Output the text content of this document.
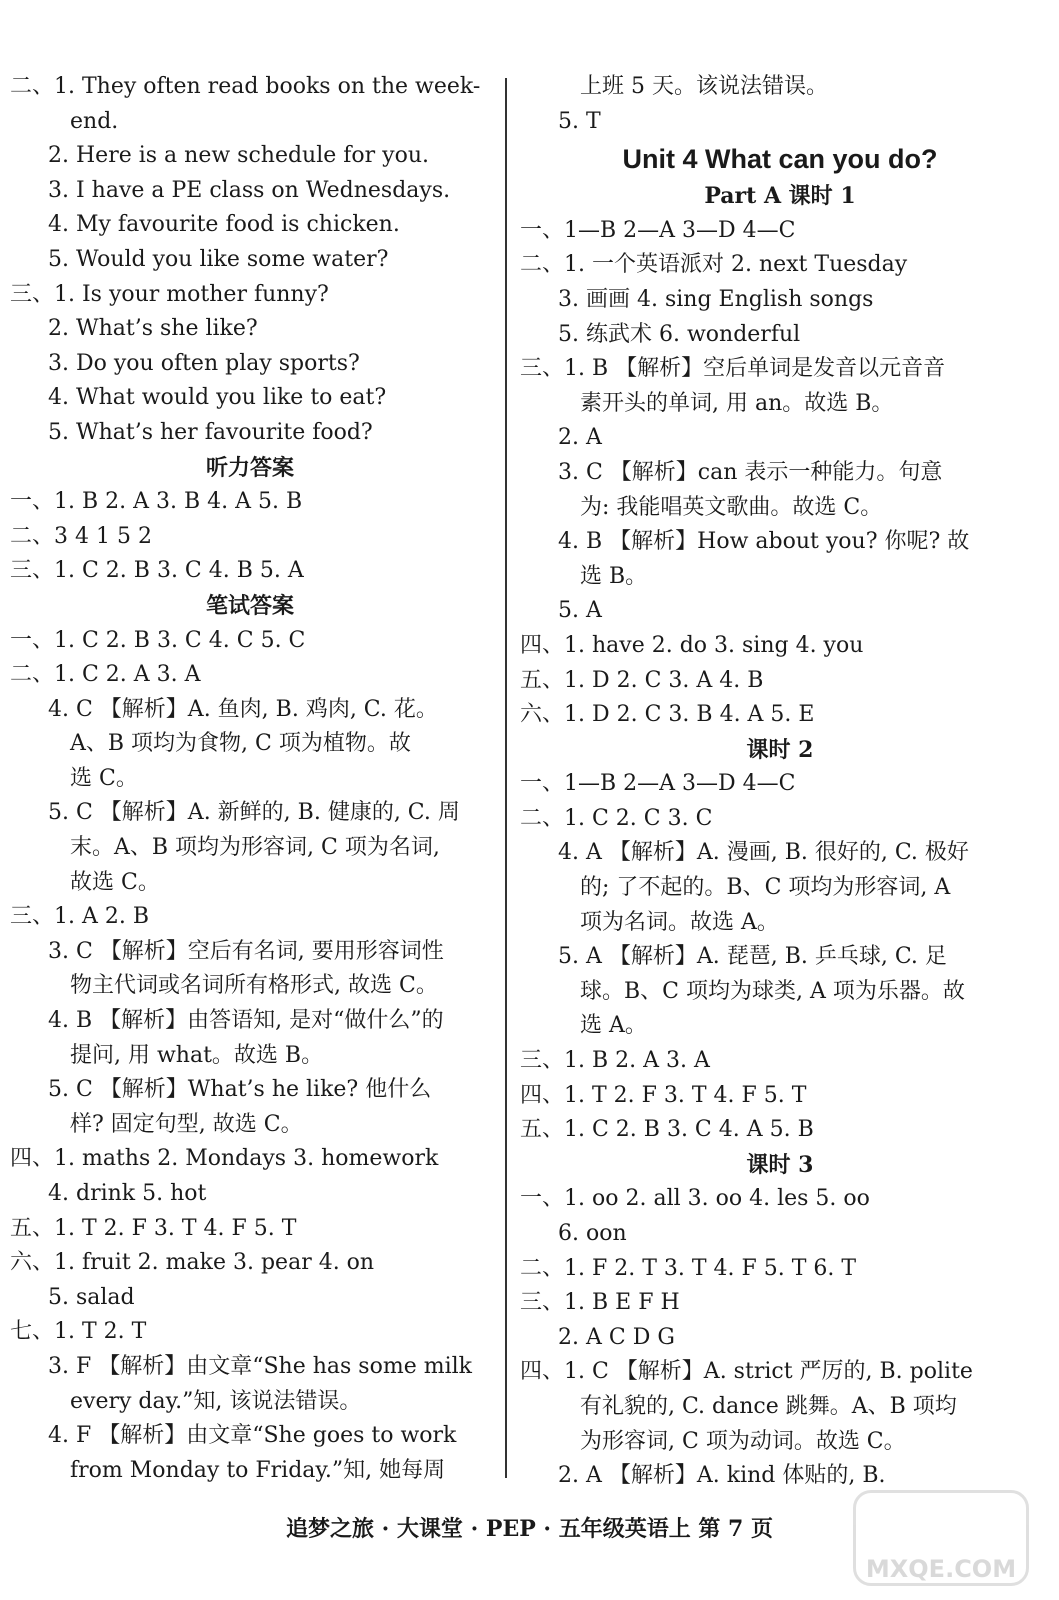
二、1. They often read books on the week-
end.
2. Here is a new schedule for you.
3. I have a PE class on Wednesdays.
4. My favourite food is chicken.
5. Would you like some water?
三、1. Is your mother funny?
2. What’s she like?
3. Do you often play sports?
4. What would you like to eat?
5. What’s her favourite food?
听力答案
一、1. B 2. A 3. B 4. A 5. B
二、3 4 1 5 2
三、1. C 2. B 3. C 4. B 5. A
笔试答案
一、1. C 2. B 3. C 4. C 5. C
二、1. C 2. A 3. A
4. C 【解析】A. 鱼肉, B. 鸡肉, C. 花。
A、B 项均为食物, C 项为植物。故
选 C。
5. C 【解析】A. 新鲜的, B. 健康的, C. 周
末。A、B 项均为形容词, C 项为名词,
故选 C。
三、1. A 2. B
3. C 【解析】空后有名词, 要用形容词性
物主代词或名词所有格形式, 故选 C。
4. B 【解析】由答语知, 是对“做什么”的
提问, 用 what。故选 B。
5. C 【解析】What’s he like? 他什么
样? 固定句型, 故选 C。
四、1. maths 2. Mondays 3. homework
4. drink 5. hot
五、1. T 2. F 3. T 4. F 5. T
六、1. fruit 2. make 3. pear 4. on
5. salad
七、1. T 2. T
3. F 【解析】由文章“She has some milk
every day.”知, 该说法错误。
4. F 【解析】由文章“She goes to work
from Monday to Friday.”知, 她每周
上班 5 天。该说法错误。
5. T
Unit 4 What can you do?
Part A 课时 1
一、1—B 2—A 3—D 4—C
二、1. 一个英语派对 2. next Tuesday
3. 画画 4. sing English songs
5. 练武术 6. wonderful
三、1. B 【解析】空后单词是发音以元音音
素开头的单词, 用 an。故选 B。
2. A
3. C 【解析】can 表示一种能力。句意
为: 我能唱英文歌曲。故选 C。
4. B 【解析】How about you? 你呢? 故
选 B。
5. A
四、1. have 2. do 3. sing 4. you
五、1. D 2. C 3. A 4. B
六、1. D 2. C 3. B 4. A 5. E
课时 2
一、1—B 2—A 3—D 4—C
二、1. C 2. C 3. C
4. A 【解析】A. 漫画, B. 很好的, C. 极好
的; 了不起的。B、C 项均为形容词, A
项为名词。故选 A。
5. A 【解析】A. 琵琶, B. 乒乓球, C. 足
球。B、C 项均为球类, A 项为乐器。故
选 A。
三、1. B 2. A 3. A
四、1. T 2. F 3. T 4. F 5. T
五、1. C 2. B 3. C 4. A 5. B
课时 3
一、1. oo 2. all 3. oo 4. les 5. oo
6. oon
二、1. F 2. T 3. T 4. F 5. T 6. T
三、1. B E F H
2. A C D G
四、1. C 【解析】A. strict 严厉的, B. polite
有礼貌的, C. dance 跳舞。A、B 项均
为形容词, C 项为动词。故选 C。
2. A 【解析】A. kind 体贴的, B.
追梦之旅 · 大课堂 · PEP · 五年级英语上 第 7 页
MXQE.COM
